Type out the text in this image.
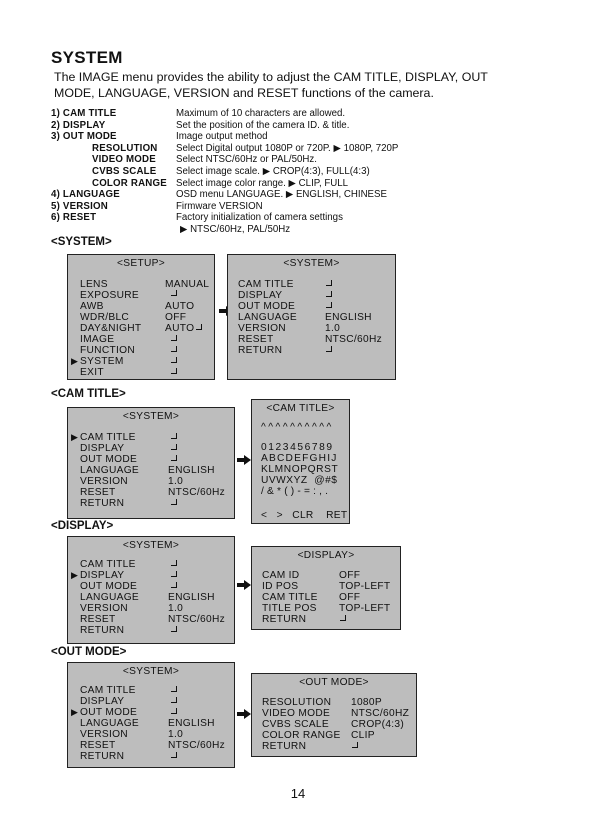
SYSTEM
The IMAGE menu provides the ability to adjust the CAM TITLE, DISPLAY, OUT MODE, LANGUAGE, VERSION and RESET functions of the camera.
1) CAM TITLE	Maximum of 10 characters are allowed.
2) DISPLAY	Set the position of the camera ID. & title.
3) OUT MODE	Image output method
RESOLUTION	Select Digital output 1080P or 720P. ▶ 1080P, 720P
VIDEO MODE	Select NTSC/60Hz or PAL/50Hz.
CVBS SCALE	Select image scale. ▶ CROP(4:3), FULL(4:3)
COLOR RANGE Select image color range. ▶ CLIP, FULL
4) LANGUAGE	OSD menu LANGUAGE. ▶ ENGLISH, CHINESE
5) VERSION	Firmware VERSION
6) RESET	Factory initialization of camera settings
▶ NTSC/60Hz, PAL/50Hz
<SYSTEM>
<SETUP>
LENS	MANUAL
EXPOSURE
AWB	AUTO
WDR/BLC	OFF
DAY&NIGHT AUTO
IMAGE
FUNCTION
▶ SYSTEM
EXIT
<SYSTEM>
CAM TITLE
DISPLAY
OUT MODE
LANGUAGE	ENGLISH
VERSION	1.0
RESET	NTSC/60Hz
RETURN
<CAM TITLE>
<SYSTEM>
▶ CAM TITLE
DISPLAY
OUT MODE
LANGUAGE	ENGLISH
VERSION	1.0
RESET	NTSC/60Hz
RETURN
<CAM TITLE>
^^^^^^^^^^
0123456789
ABCDEFGHIJ
KLMNOPQRST
UVWXYZ  @#$
/&*()-=:,.
<   >   CLR    RET
<DISPLAY>
<SYSTEM>
CAM TITLE
▶ DISPLAY
OUT MODE
LANGUAGE	ENGLISH
VERSION	1.0
RESET	NTSC/60Hz
RETURN
<DISPLAY>
CAM ID	OFF
ID POS	TOP-LEFT
CAM TITLE OFF
TITLE POS TOP-LEFT
RETURN
<OUT MODE>
<SYSTEM>
CAM TITLE
DISPLAY
▶ OUT MODE
LANGUAGE	ENGLISH
VERSION	1.0
RESET	NTSC/60Hz
RETURN
<OUT MODE>
RESOLUTION 1080P
VIDEO MODE NTSC/60HZ
CVBS SCALE CROP(4:3)
COLOR RANGE CLIP
RETURN
14
